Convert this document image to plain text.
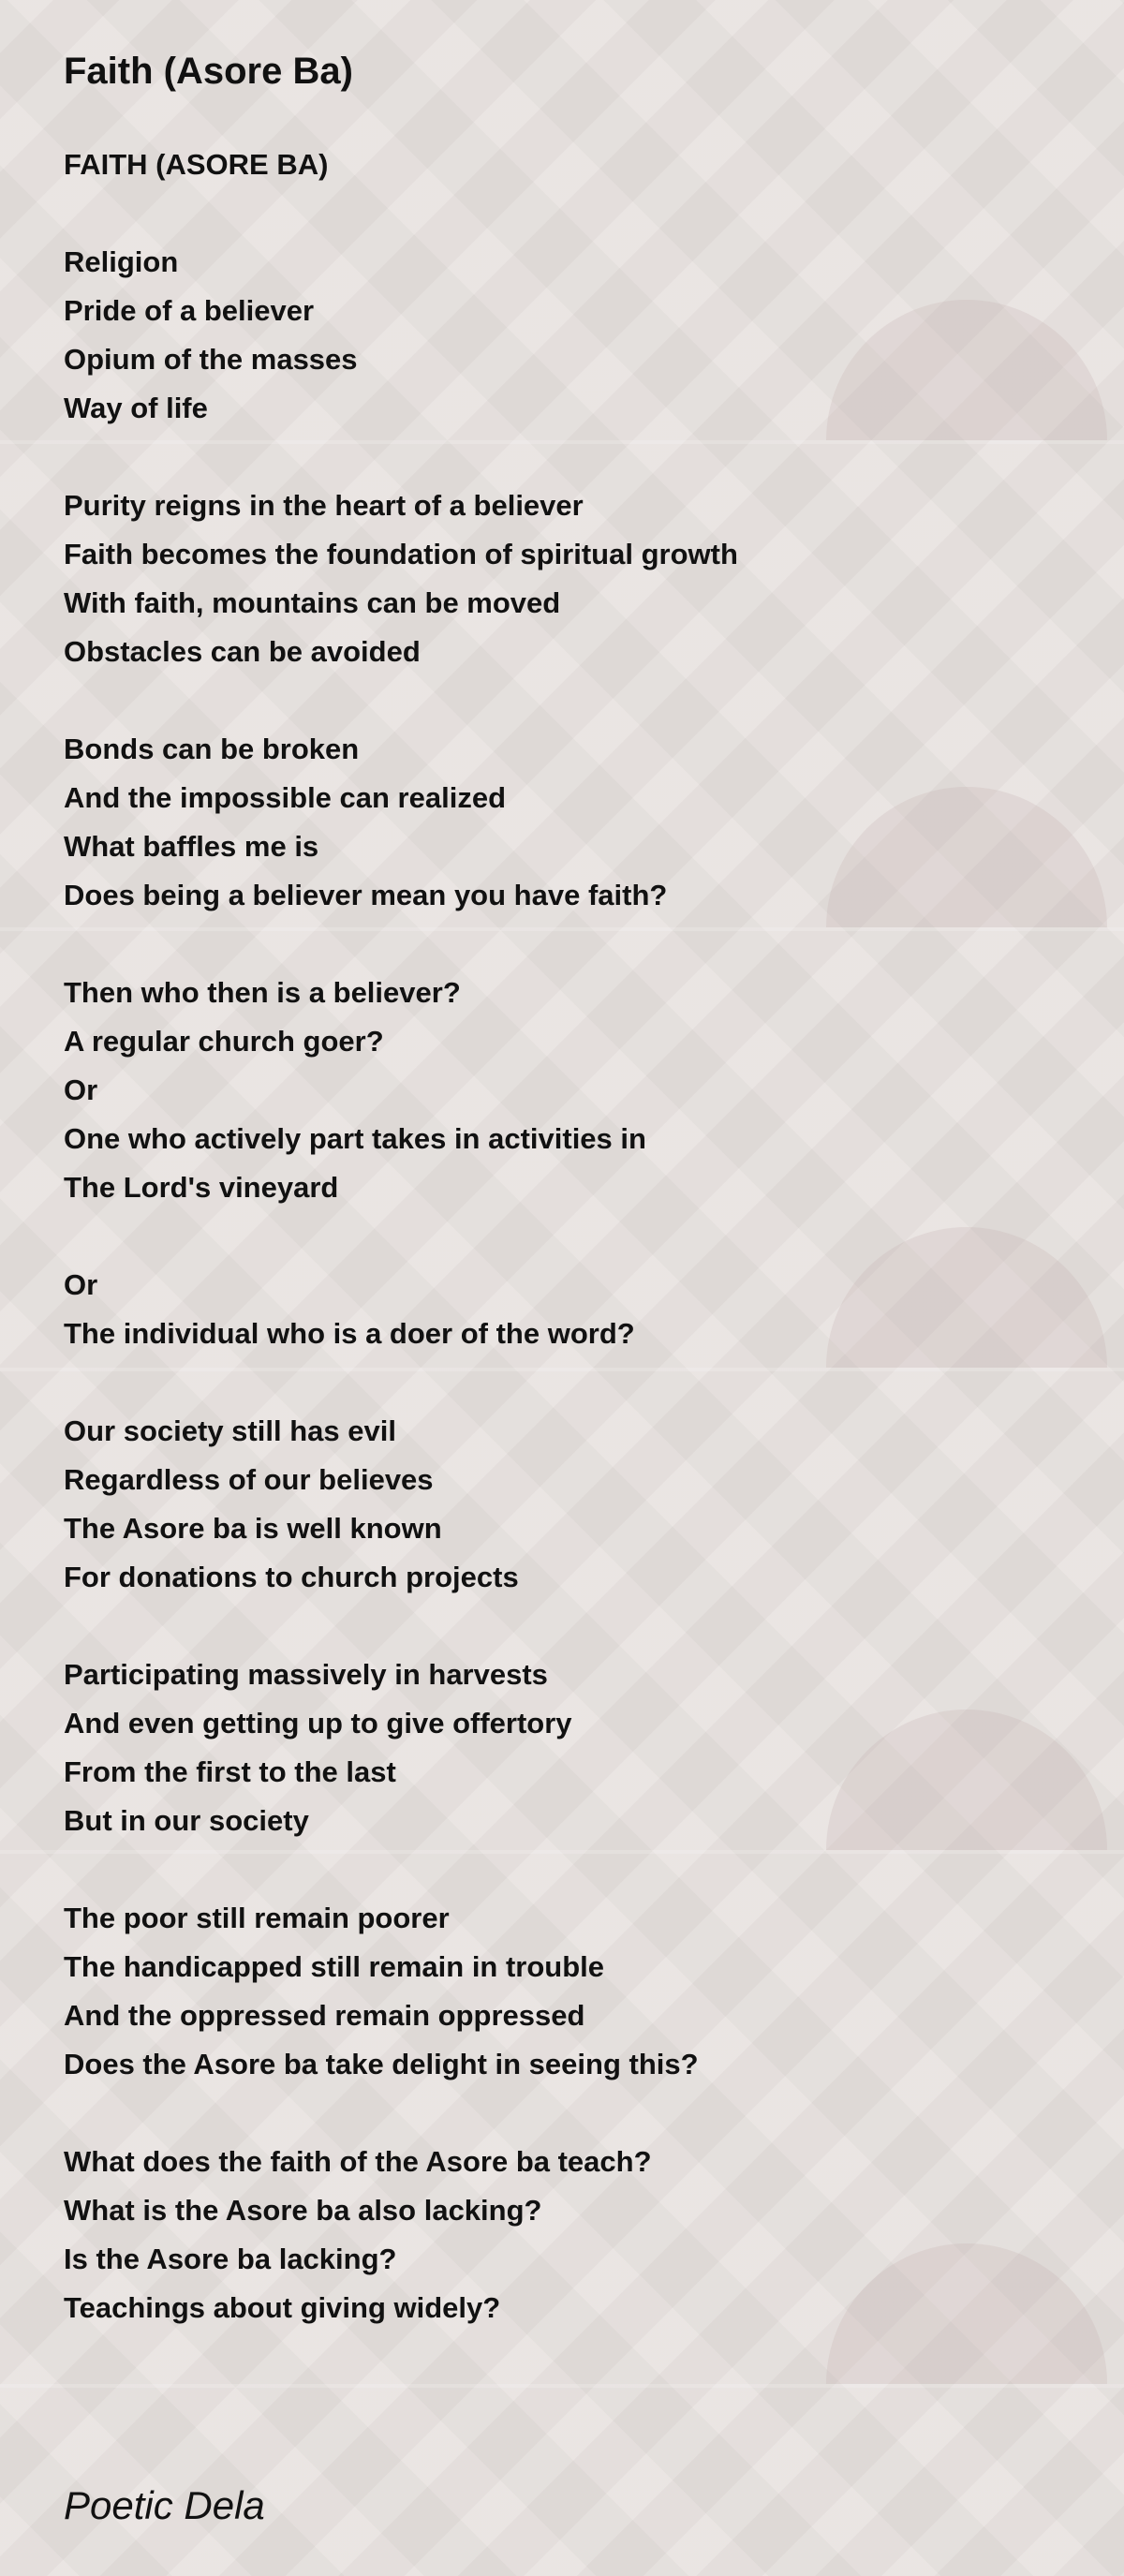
Faith (Asore Ba)

FAITH (ASORE BA)

Religion
Pride of a believer
Opium of the masses
Way of life
Purity reigns in the heart of a believer
Faith becomes the foundation of spiritual growth
With faith, mountains can be moved
Obstacles can be avoided
Bonds can be broken
And the impossible can realized
What baffles me is
Does being a believer mean you have faith?
Then who then is a believer?
A regular church goer?
Or
One who actively part takes in activities in
The Lord's vineyard
Or
The individual who is a doer of the word?
Our society still has evil
Regardless of our believes
The Asore ba is well known
For donations to church projects
Participating massively in harvests
And even getting up to give offertory
From the first to the last
But in our society
The poor still remain poorer
The handicapped still remain in trouble
And the oppressed remain oppressed
Does the Asore ba take delight in seeing this?
What does the faith of the Asore ba teach?
What is the Asore ba also lacking?
Is the Asore ba lacking?
Teachings about giving widely?
Poetic Dela
